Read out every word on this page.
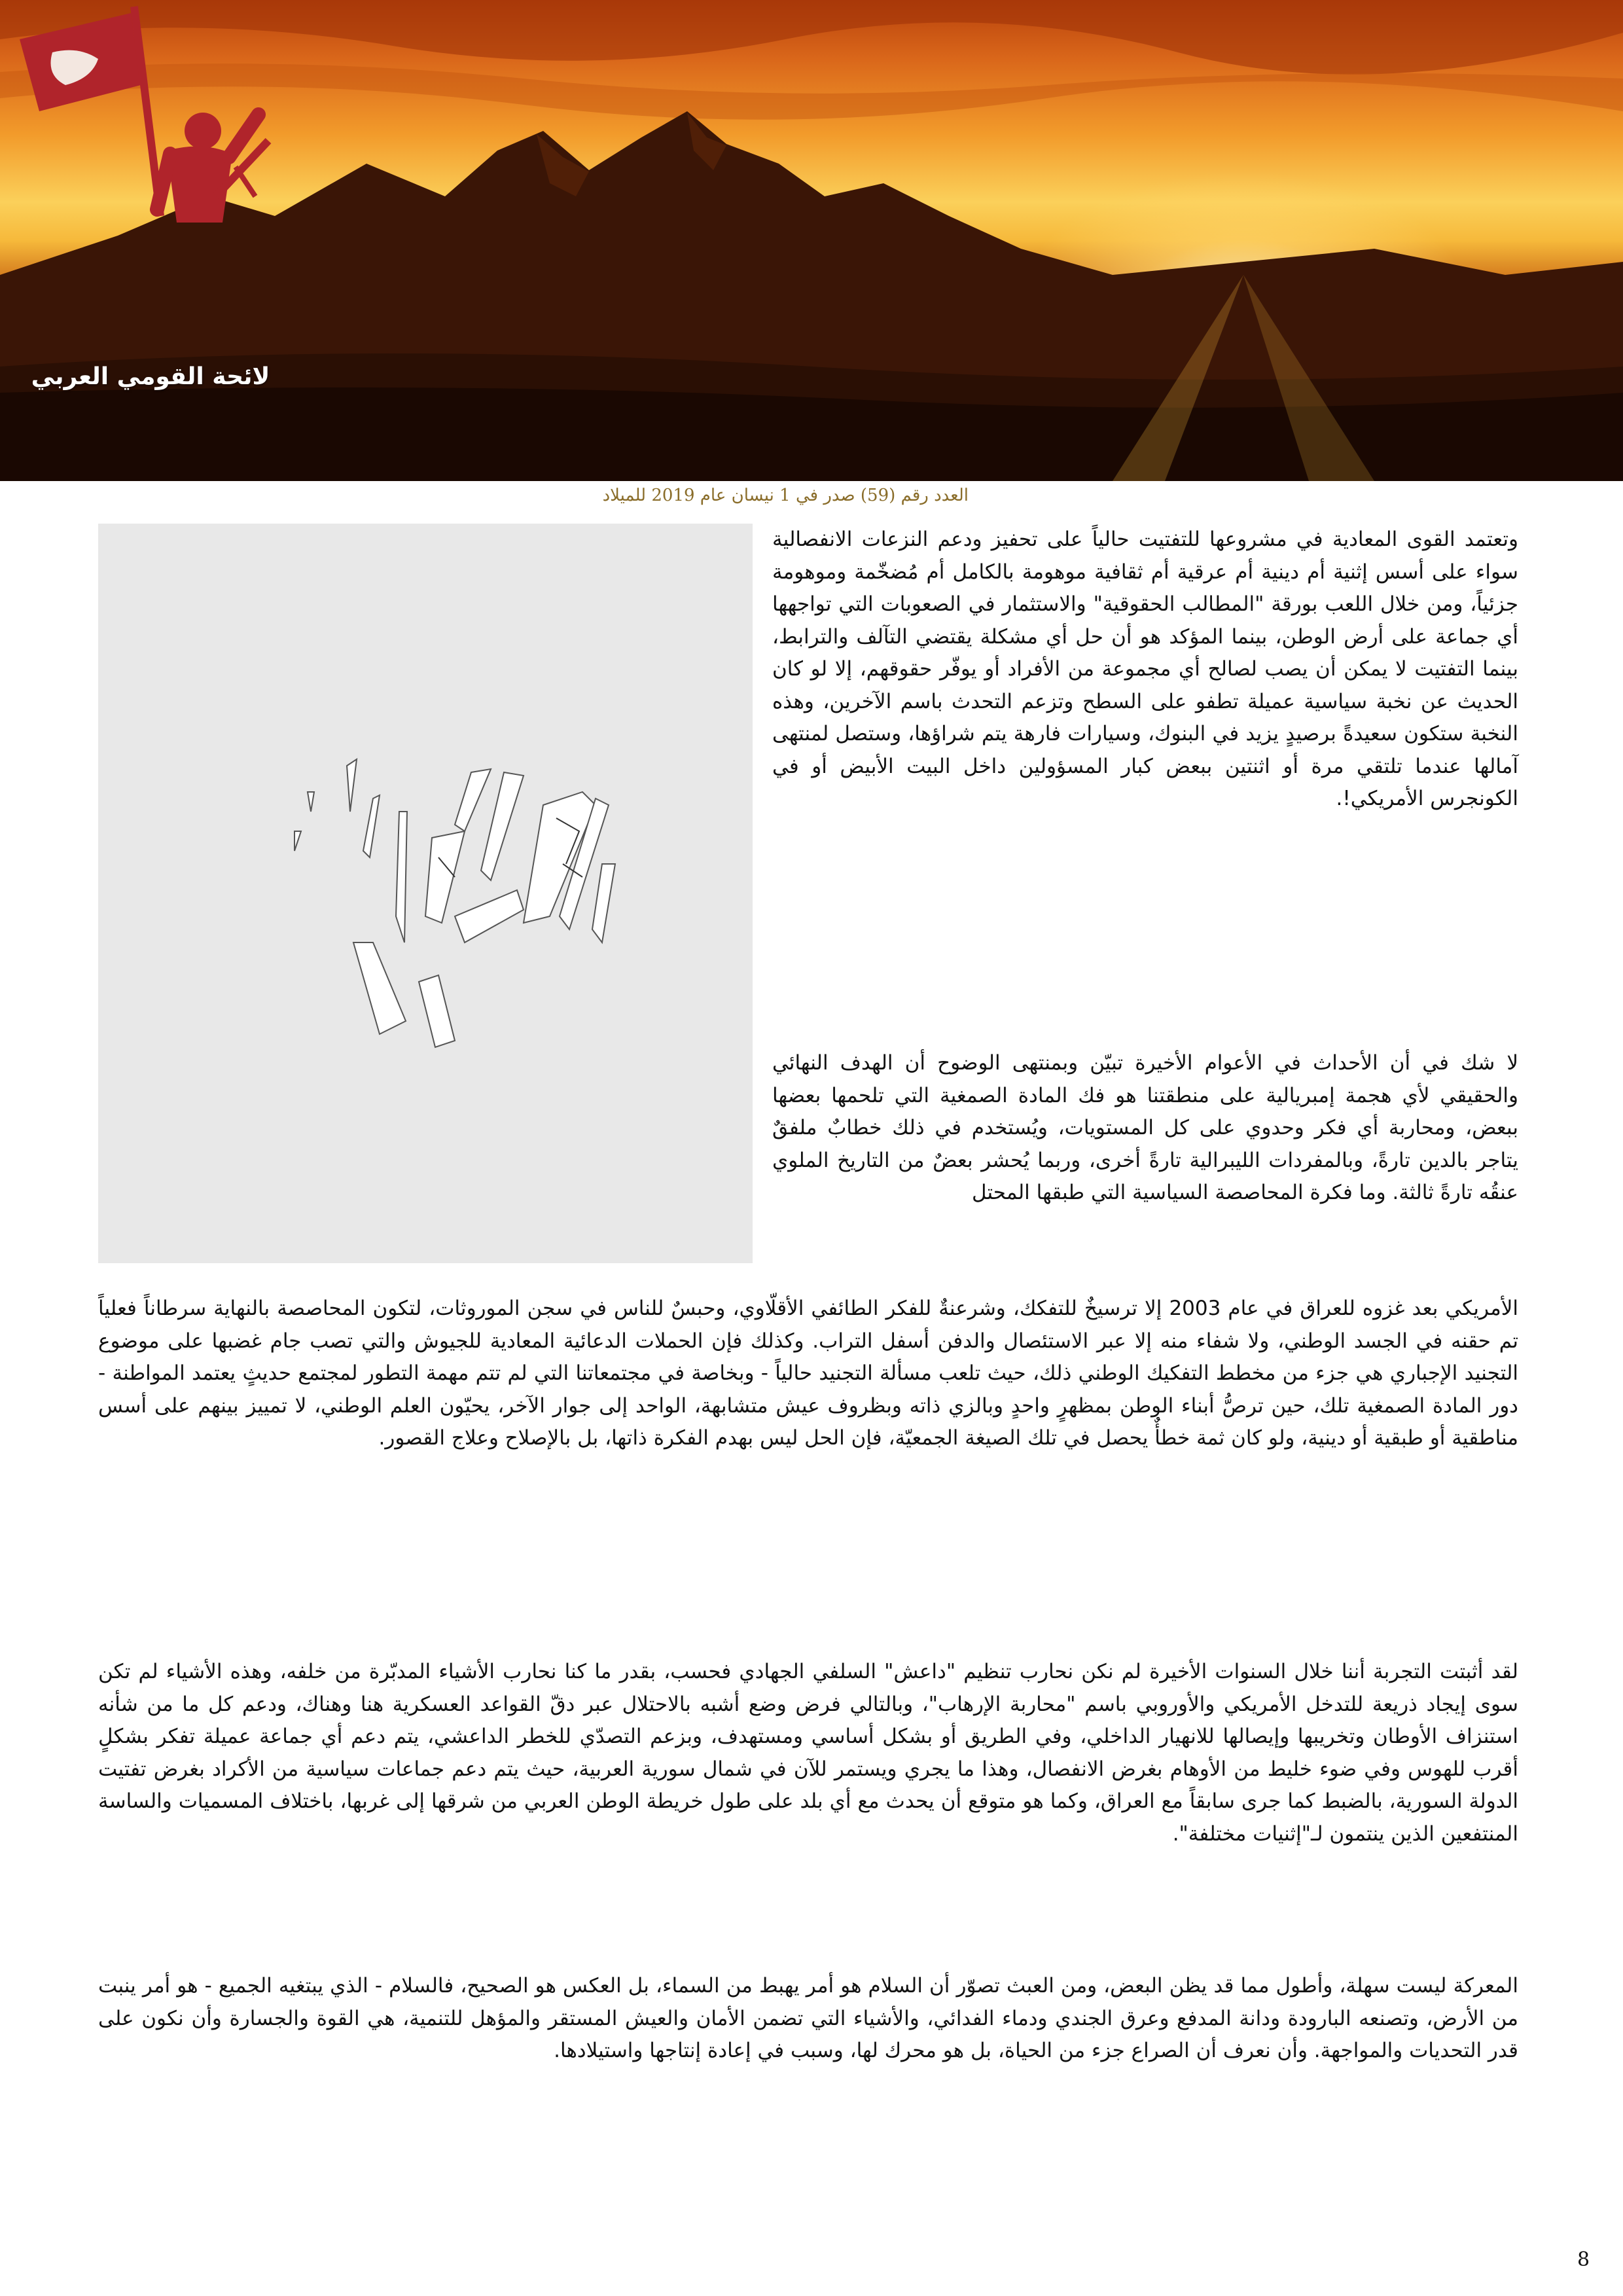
لائحة القومي العربي
العدد رقم (59) صدر في 1 نيسان عام 2019 للميلاد

وتعتمد القوى المعادية في مشروعها للتفتيت حالياً على تحفيز ودعم النزعات الانفصالية سواء على أسس إثنية أم دينية أم عرقية أم ثقافية موهومة بالكامل أم مُضخّمة وموهومة جزئياً، ومن خلال اللعب بورقة "المطالب الحقوقية" والاستثمار في الصعوبات التي تواجهها أي جماعة على أرض الوطن، بينما المؤكد هو أن حل أي مشكلة يقتضي التآلف والترابط، بينما التفتيت لا يمكن أن يصب لصالح أي مجموعة من الأفراد أو يوفّر حقوقهم، إلا لو كان الحديث عن نخبة سياسية عميلة تطفو على السطح وتزعم التحدث باسم الآخرين، وهذه النخبة ستكون سعيدةً برصيدٍ يزيد في البنوك، وسيارات فارهة يتم شراؤها، وستصل لمنتهى آمالها عندما تلتقي مرة أو اثنتين ببعض كبار المسؤولين داخل البيت الأبيض أو في الكونجرس الأمريكي!.

لا شك في أن الأحداث في الأعوام الأخيرة تبيّن وبمنتهى الوضوح أن الهدف النهائي والحقيقي لأي هجمة إمبريالية على منطقتنا هو فك المادة الصمغية التي تلحمها بعضها ببعض، ومحاربة أي فكر وحدوي على كل المستويات، ويُستخدم في ذلك خطابٌ ملفقٌ يتاجر بالدين تارةً، وبالمفردات الليبرالية تارةً أخرى، وربما يُحشر بعضٌ من التاريخ الملوي عنقُه تارةً ثالثة. وما فكرة المحاصصة السياسية التي طبقها المحتل

الأمريكي بعد غزوه للعراق في عام 2003 إلا ترسيخٌ للتفكك، وشرعنةٌ للفكر الطائفي الأقلّاوي، وحبسٌ للناس في سجن الموروثات، لتكون المحاصصة بالنهاية سرطاناً فعلياً تم حقنه في الجسد الوطني، ولا شفاء منه إلا عبر الاستئصال والدفن أسفل التراب. وكذلك فإن الحملات الدعائية المعادية للجيوش والتي تصب جام غضبها على موضوع التجنيد الإجباري هي جزء من مخطط التفكيك الوطني ذلك، حيث تلعب مسألة التجنيد حالياً - وبخاصة في مجتمعاتنا التي لم تتم مهمة التطور لمجتمع حديثٍ يعتمد المواطنة - دور المادة الصمغية تلك، حين ترصُّ أبناء الوطن بمظهرٍ واحدٍ وبالزي ذاته وبظروف عيش متشابهة، الواحد إلى جوار الآخر، يحيّون العلم الوطني، لا تمييز بينهم على أسس مناطقية أو طبقية أو دينية، ولو كان ثمة خطأٌ يحصل في تلك الصيغة الجمعيّة، فإن الحل ليس بهدم الفكرة ذاتها، بل بالإصلاح وعلاج القصور.

لقد أثبتت التجربة أننا خلال السنوات الأخيرة لم نكن نحارب تنظيم "داعش" السلفي الجهادي فحسب، بقدر ما كنا نحارب الأشياء المدبّرة من خلفه، وهذه الأشياء لم تكن سوى إيجاد ذريعة للتدخل الأمريكي والأوروبي باسم "محاربة الإرهاب"، وبالتالي فرض وضع أشبه بالاحتلال عبر دقّ القواعد العسكرية هنا وهناك، ودعم كل ما من شأنه استنزاف الأوطان وتخريبها وإيصالها للانهيار الداخلي، وفي الطريق أو بشكل أساسي ومستهدف، وبزعم التصدّي للخطر الداعشي، يتم دعم أي جماعة عميلة تفكر بشكلٍ أقرب للهوس وفي ضوء خليط من الأوهام بغرض الانفصال، وهذا ما يجري ويستمر للآن في شمال سورية العربية، حيث يتم دعم جماعات سياسية من الأكراد بغرض تفتيت الدولة السورية، بالضبط كما جرى سابقاً مع العراق، وكما هو متوقع أن يحدث مع أي بلد على طول خريطة الوطن العربي من شرقها إلى غربها، باختلاف المسميات والساسة المنتفعين الذين ينتمون لـ"إثنيات مختلفة".

المعركة ليست سهلة، وأطول مما قد يظن البعض، ومن العبث تصوّر أن السلام هو أمر يهبط من السماء، بل العكس هو الصحيح، فالسلام - الذي يبتغيه الجميع - هو أمر ينبت من الأرض، وتصنعه البارودة ودانة المدفع وعرق الجندي ودماء الفدائي، والأشياء التي تضمن الأمان والعيش المستقر والمؤهل للتنمية، هي القوة والجسارة وأن نكون على قدر التحديات والمواجهة. وأن نعرف أن الصراع جزء من الحياة، بل هو محرك لها، وسبب في إعادة إنتاجها واستيلادها.

8
